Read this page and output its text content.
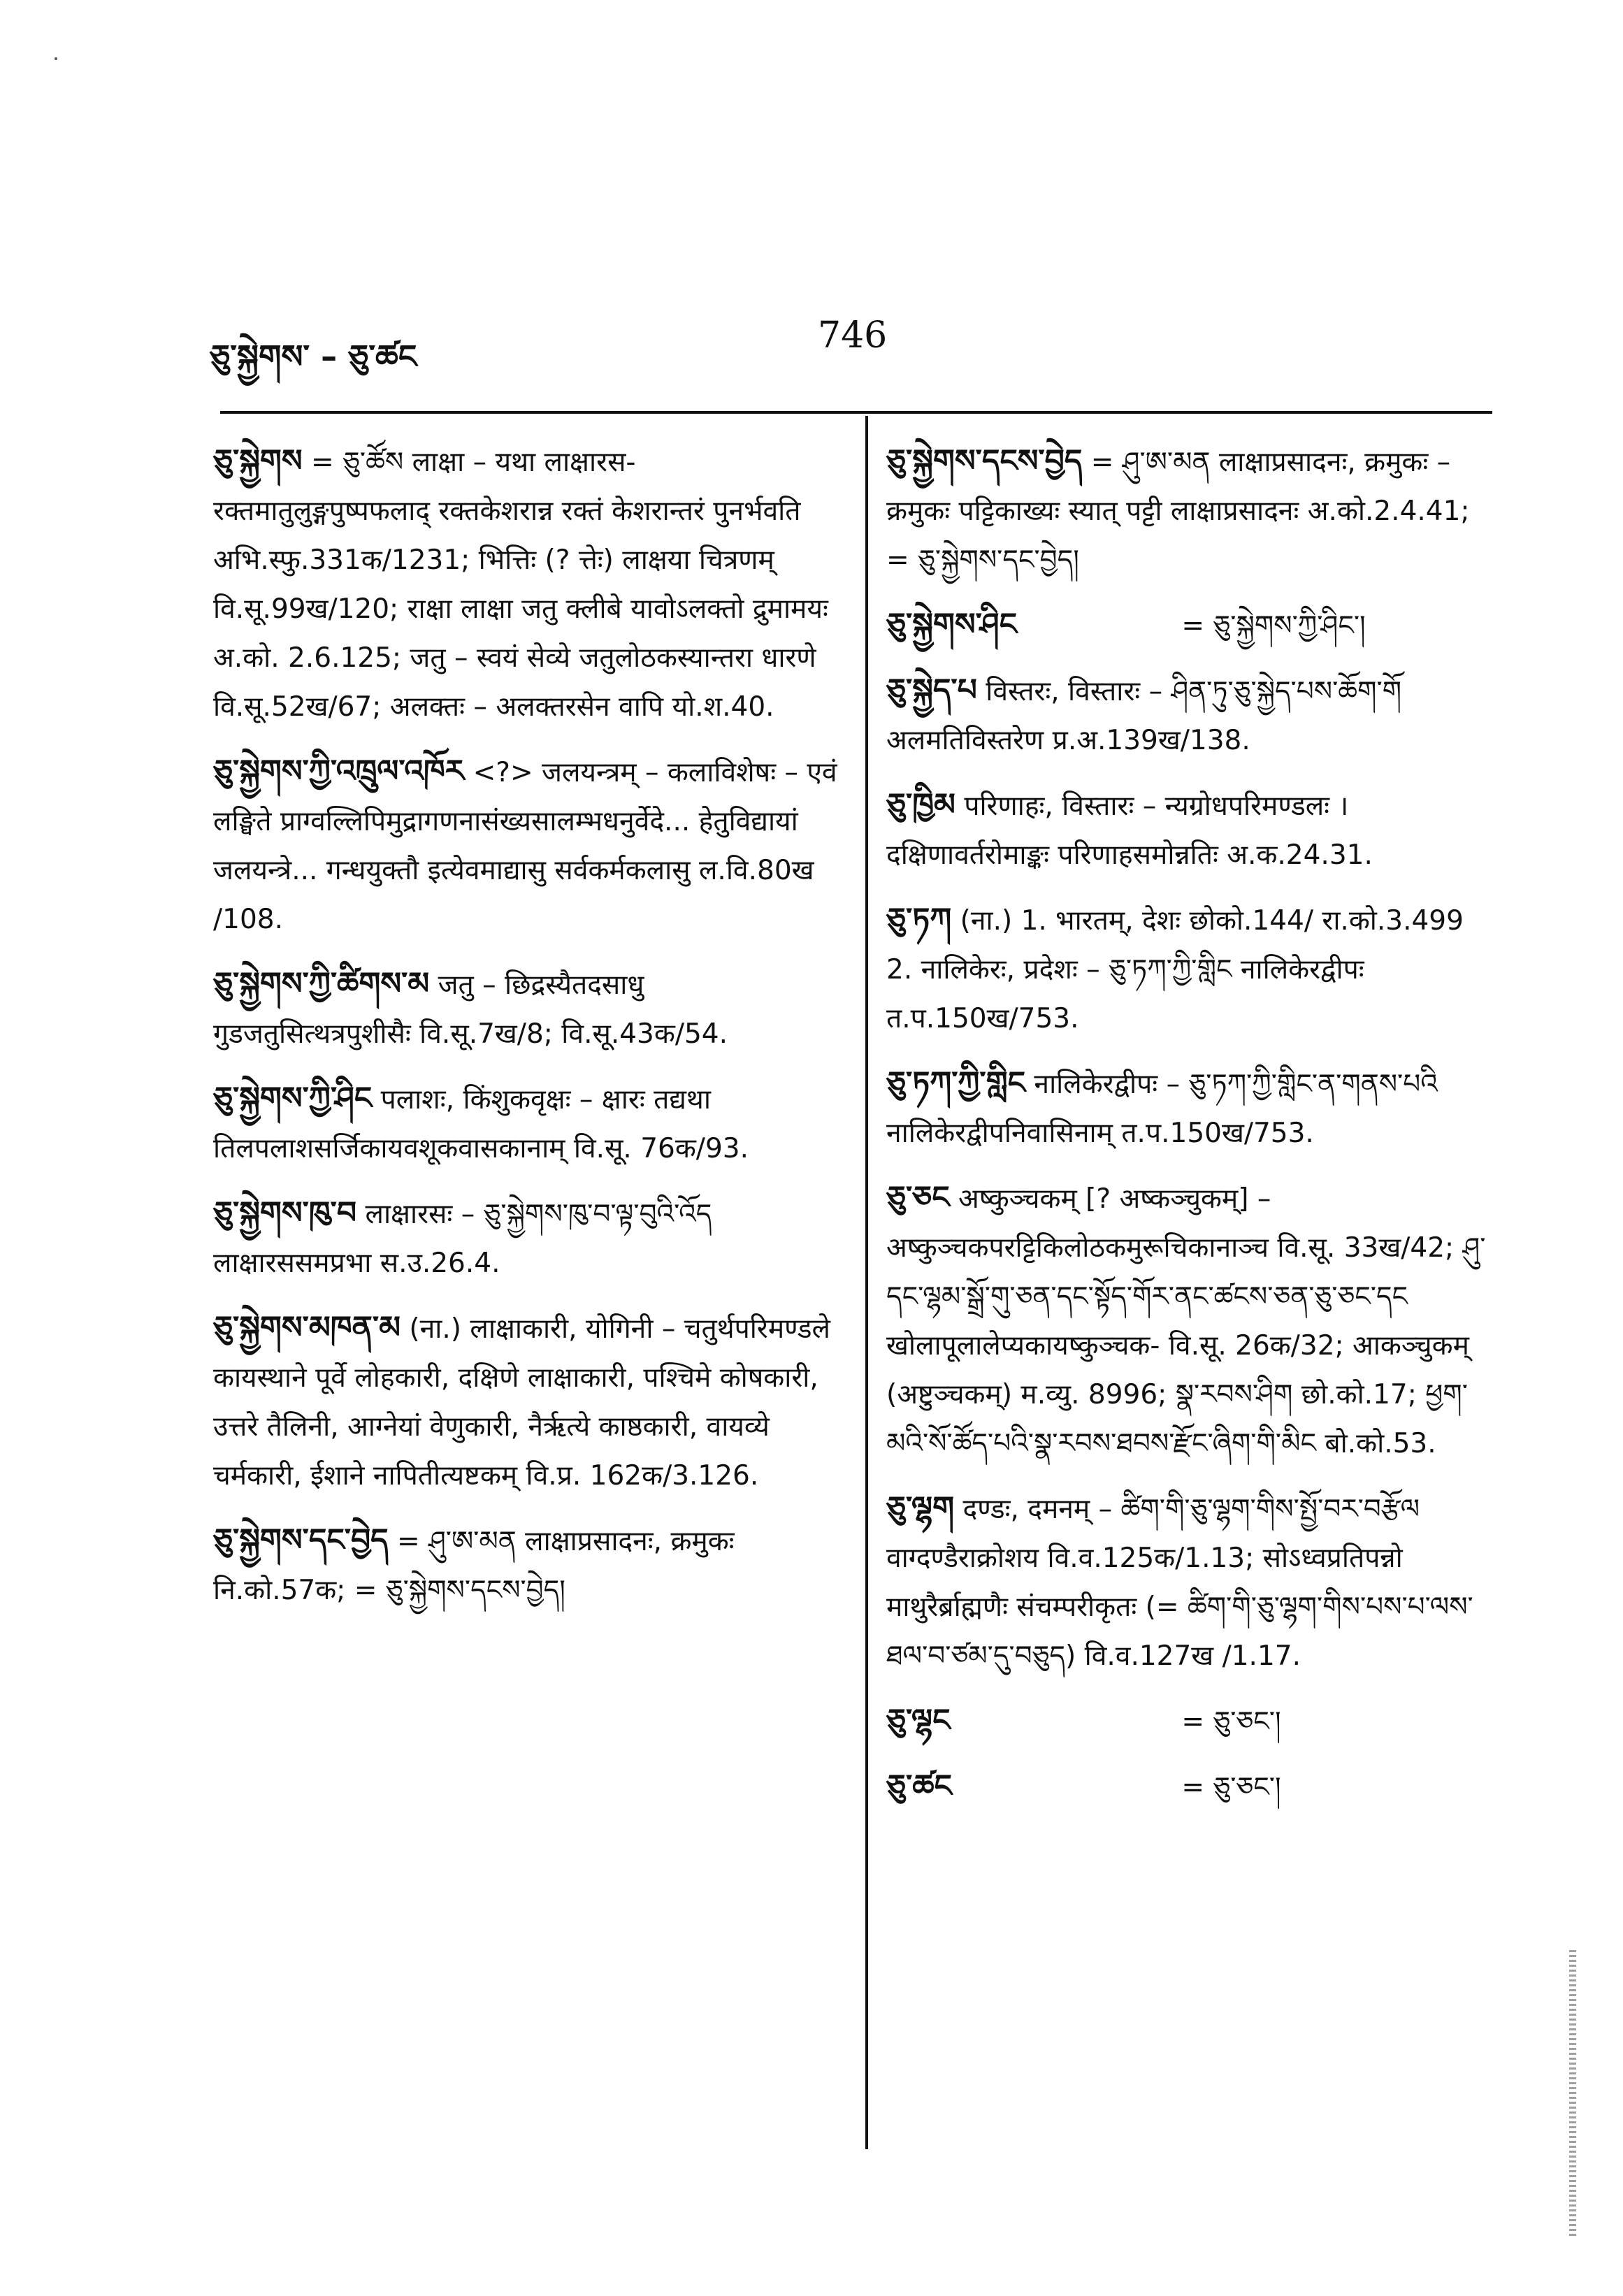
ཅུ་སྐྱེགས་ – ཅུ་ཚང	746
ཅུ་སྐྱེགས = ཅུ་ཚོས लाक्षा – यथा लाक्षारस-रक्तमातुलुङ्गपुष्पफलाद् रक्तकेशरान्न रक्तं केशरान्तरं पुनर्भवति अभि.स्फु.331क/1231; भित्तिः (? त्तेः) लाक्षया चित्रणम् वि.सू.99ख/120; राक्षा लाक्षा जतु क्लीबे यावोऽलक्तो द्रुमामयः अ.को. 2.6.125; जतु – स्वयं सेव्ये जतुलोठकस्यान्तरा धारणे वि.सू.52ख/67; अलक्तः – अलक्तरसेन वापि यो.श.40.
ཅུ་སྐྱེགས་ཀྱི་འཁྲུལ་འཁོར <?> जलयन्त्रम् – कलाविशेषः – एवं लङ्घिते प्राग्वल्लिपिमुद्रागणनासंख्यसालम्भधनुर्वेदे... हेतुविद्यायां जलयन्त्रे... गन्धयुक्तौ इत्येवमाद्यासु सर्वकर्मकलासु ल.वि.80ख /108.
ཅུ་སྐྱེགས་ཀྱི་ཚིགས་མ जतु – छिद्रस्यैतदसाधु गुडजतुसित्थत्रपुशीसैः वि.सू.7ख/8; वि.सू.43क/54.
ཅུ་སྐྱེགས་ཀྱི་ཤིང पलाशः, किंशुकवृक्षः – क्षारः तद्यथा तिलपलाशसर्जिकायवशूकवासकानाम् वि.सू. 76क/93.
ཅུ་སྐྱེགས་ཁུ་བ लाक्षारसः – ཅུ་སྐྱེགས་ཁུ་བ་ལྟ་བུའི་འོད लाक्षारससमप्रभा स.उ.26.4.
ཅུ་སྐྱེགས་མཁན་མ (ना.) लाक्षाकारी, योगिनी – चतुर्थपरिमण्डले कायस्थाने पूर्वे लोहकारी, दक्षिणे लाक्षाकारी, पश्चिमे कोषकारी, उत्तरे तैलिनी, आग्नेयां वेणुकारी, नैर्ऋत्ये काष्ठकारी, वायव्ये चर्मकारी, ईशाने नापितीत्यष्टकम् वि.प्र. 162क/3.126.
ཅུ་སྐྱེགས་དང་བྱེད = ཤུ་ཨ་མན लाक्षाप्रसादनः, क्रमुकः नि.को.57क; = ཅུ་སྐྱེགས་དངས་བྱེད།
ཅུ་སྐྱེགས་དངས་བྱེད = ཤུ་ཨ་མན लाक्षाप्रसादनः, क्रमुकः – क्रमुकः पट्टिकाख्यः स्यात् पट्टी लाक्षाप्रसादनः अ.को.2.4.41; = ཅུ་སྐྱེགས་དང་བྱེད།
ཅུ་སྐྱེགས་ཤིང	= ཅུ་སྐྱེགས་ཀྱི་ཤིང་།
ཅུ་སྐྱེད་པ विस्तरः, विस्तारः – ཤིན་ཏུ་ཅུ་སྐྱེད་པས་ཆོག་གོ अलमतिविस्तरेण प्र.अ.139ख/138.
ཅུ་ཁྱིམ परिणाहः, विस्तारः – न्यग्रोधपरिमण्डलः । दक्षिणावर्तरोमाङ्कः परिणाहसमोन्नतिः अ.क.24.31.
ཅུ་ཏཀ (ना.) 1. भारतम्, देशः छोको.144/ रा.को.3.499 2. नालिकेरः, प्रदेशः – ཅུ་ཏཀ་ཀྱི་གླིང नालिकेरद्वीपः त.प.150ख/753.
ཅུ་ཏཀ་ཀྱི་གླིང नालिकेरद्वीपः – ཅུ་ཏཀ་ཀྱི་གླིང་ན་གནས་པའི नालिकेरद्वीपनिवासिनाम् त.प.150ख/753.
ཅུ་ཅང अष्कुञ्चकम् [? अष्कञ्चुकम्] – अष्कुञ्चकपरट्टिकिलोठकमुरूचिकानाञ्च वि.सू. 33ख/42; ཤུ་དང་ལྷམ་སྒྲོ་གུ་ཅན་དང་སྟོད་གོར་ནང་ཚངས་ཅན་ཅུ་ཅང་དང खोलापूलालेप्यकायष्कुञ्चक- वि.सू. 26क/32; आकञ्चुकम् (अष्टुञ्चकम्) म.व्यु. 8996; སྣ་རབས་ཤིག छो.को.17; ཕྱག་མའི་སོ་ཚོད་པའི་སྣ་རབས་ཐབས་རྫོང་ཞིག་གི་མིང बो.को.53.
ཅུ་ལྷག दण्डः, दमनम् – ཚིག་གི་ཅུ་ལྷག་གིས་སྤྱོ་བར་བརྩོལ वाग्दण्डैराक्रोशय वि.व.125क/1.13; सोऽध्वप्रतिपन्नो माथुरैर्ब्राह्मणैः संचम्परीकृतः (= ཚིག་གི་ཅུ་ལྷག་གིས་པས་པ་ལས་ཐལ་བ་ཙམ་དུ་བཅུད) वि.व.127ख /1.17.
ཅུ་ལྷང	= ཅུ་ཅང་།
ཅུ་ཚང	= ཅུ་ཅང་།
